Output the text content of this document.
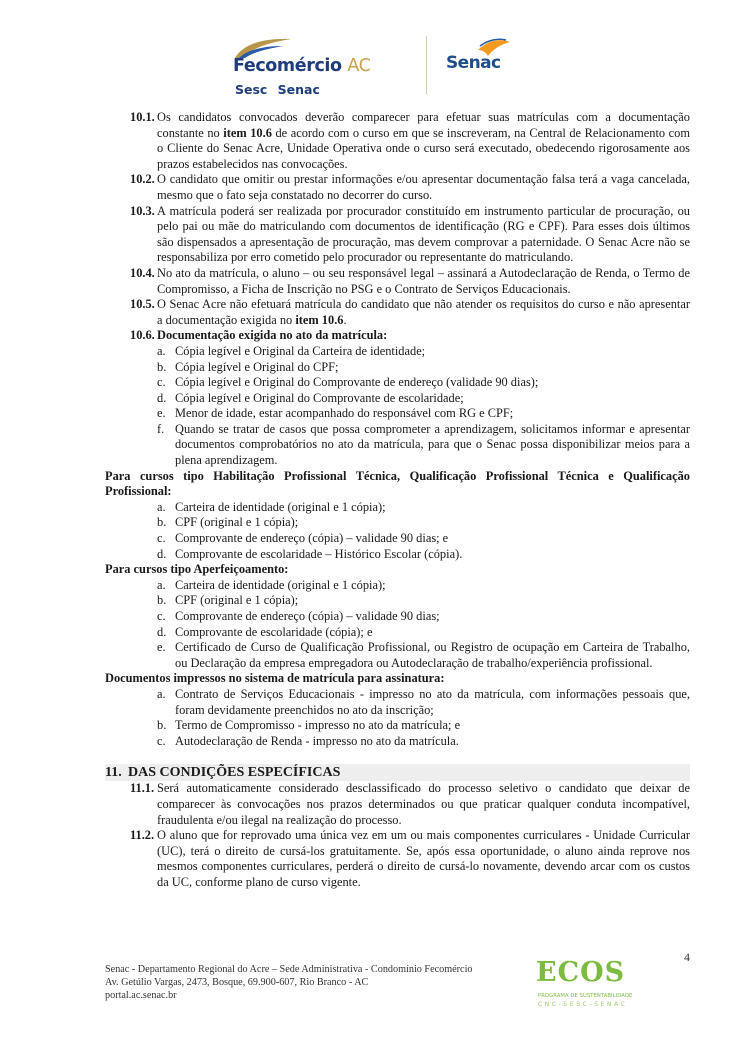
Fecomércio AC
Sesc Senac
Senac
10.1. Os candidatos convocados deverão comparecer para efetuar suas matrículas com a documentação constante no item 10.6 de acordo com o curso em que se inscreveram, na Central de Relacionamento com o Cliente do Senac Acre, Unidade Operativa onde o curso será executado, obedecendo rigorosamente aos prazos estabelecidos nas convocações.
10.2. O candidato que omitir ou prestar informações e/ou apresentar documentação falsa terá a vaga cancelada, mesmo que o fato seja constatado no decorrer do curso.
10.3. A matrícula poderá ser realizada por procurador constituído em instrumento particular de procuração, ou pelo pai ou mãe do matriculando com documentos de identificação (RG e CPF). Para esses dois últimos são dispensados a apresentação de procuração, mas devem comprovar a paternidade. O Senac Acre não se responsabiliza por erro cometido pelo procurador ou representante do matriculando.
10.4. No ato da matrícula, o aluno – ou seu responsável legal – assinará a Autodeclaração de Renda, o Termo de Compromisso, a Ficha de Inscrição no PSG e o Contrato de Serviços Educacionais.
10.5. O Senac Acre não efetuará matrícula do candidato que não atender os requisitos do curso e não apresentar a documentação exigida no item 10.6.
10.6. Documentação exigida no ato da matrícula:
a. Cópia legível e Original da Carteira de identidade;
b. Cópia legível e Original do CPF;
c. Cópia legível e Original do Comprovante de endereço (validade 90 dias);
d. Cópia legível e Original do Comprovante de escolaridade;
e. Menor de idade, estar acompanhado do responsável com RG e CPF;
f. Quando se tratar de casos que possa comprometer a aprendizagem, solicitamos informar e apresentar documentos comprobatórios no ato da matrícula, para que o Senac possa disponibilizar meios para a plena aprendizagem.
Para cursos tipo Habilitação Profissional Técnica, Qualificação Profissional Técnica e Qualificação Profissional:
a. Carteira de identidade (original e 1 cópia);
b. CPF (original e 1 cópia);
c. Comprovante de endereço (cópia) – validade 90 dias; e
d. Comprovante de escolaridade – Histórico Escolar (cópia).
Para cursos tipo Aperfeiçoamento:
a. Carteira de identidade (original e 1 cópia);
b. CPF (original e 1 cópia);
c. Comprovante de endereço (cópia) – validade 90 dias;
d. Comprovante de escolaridade (cópia); e
e. Certificado de Curso de Qualificação Profissional, ou Registro de ocupação em Carteira de Trabalho, ou Declaração da empresa empregadora ou Autodeclaração de trabalho/experiência profissional.
Documentos impressos no sistema de matrícula para assinatura:
a. Contrato de Serviços Educacionais - impresso no ato da matrícula, com informações pessoais que, foram devidamente preenchidos no ato da inscrição;
b. Termo de Compromisso - impresso no ato da matrícula; e
c. Autodeclaração de Renda - impresso no ato da matrícula.
11. DAS CONDIÇÕES ESPECÍFICAS
11.1. Será automaticamente considerado desclassificado do processo seletivo o candidato que deixar de comparecer às convocações nos prazos determinados ou que praticar qualquer conduta incompatível, fraudulenta e/ou ilegal na realização do processo.
11.2. O aluno que for reprovado uma única vez em um ou mais componentes curriculares - Unidade Curricular (UC), terá o direito de cursá-los gratuitamente. Se, após essa oportunidade, o aluno ainda reprove nos mesmos componentes curriculares, perderá o direito de cursá-lo novamente, devendo arcar com os custos da UC, conforme plano de curso vigente.
Senac - Departamento Regional do Acre – Sede Administrativa - Condomínio Fecomércio
Av. Getúlio Vargas, 2473, Bosque, 69.900-607, Rio Branco - AC
portal.ac.senac.br
ECOS
PROGRAMA DE SUSTENTABILIDADE
CNC-SESC-SENAC
4
